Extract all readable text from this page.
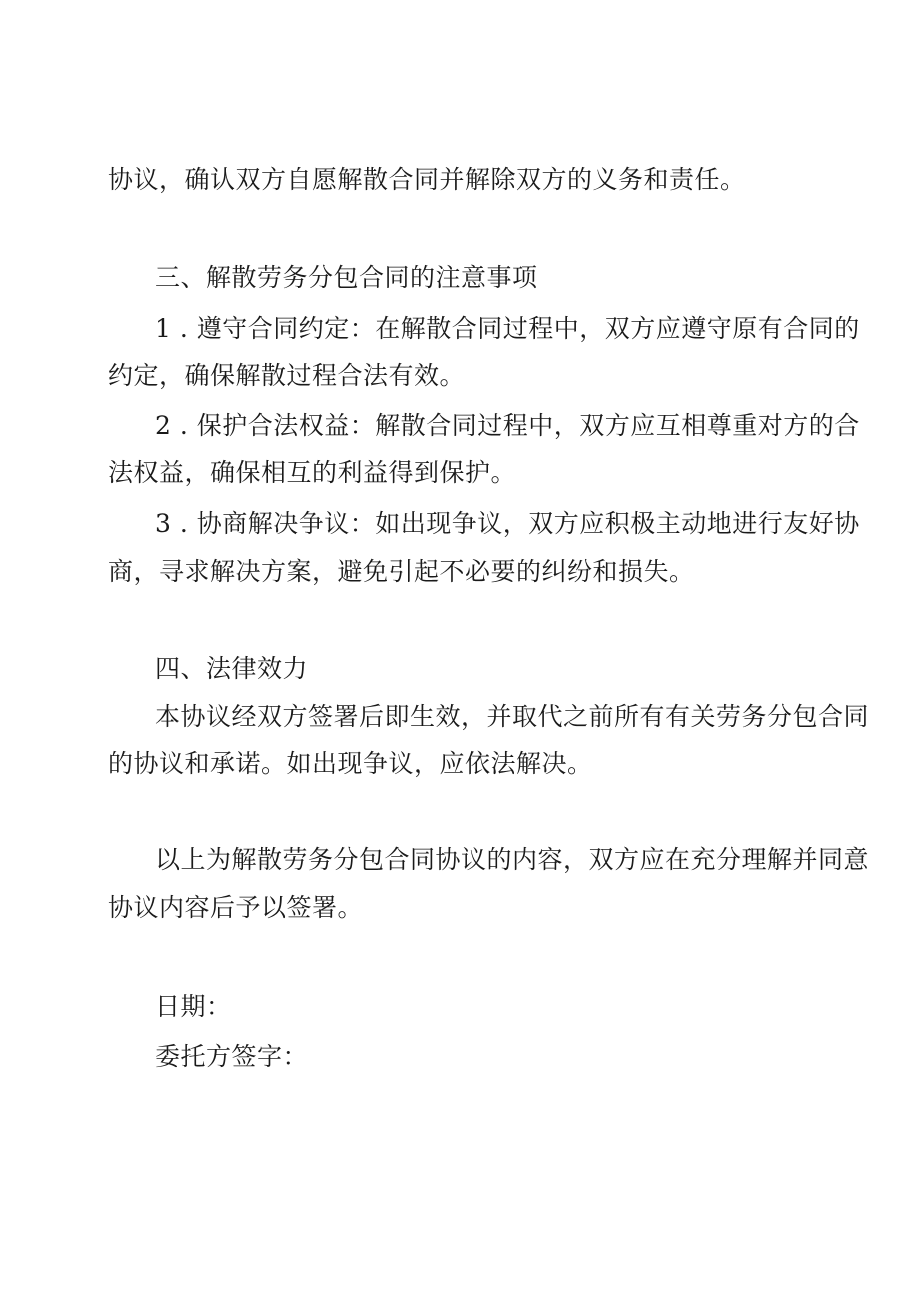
协议，确认双方自愿解散合同并解除双方的义务和责任。
三、解散劳务分包合同的注意事项
1 . 遵守合同约定：在解散合同过程中，双方应遵守原有合同的
约定，确保解散过程合法有效。
2 . 保护合法权益：解散合同过程中，双方应互相尊重对方的合
法权益，确保相互的利益得到保护。
3 . 协商解决争议：如出现争议，双方应积极主动地进行友好协
商，寻求解决方案，避免引起不必要的纠纷和损失。
四、法律效力
本协议经双方签署后即生效，并取代之前所有有关劳务分包合同
的协议和承诺。如出现争议，应依法解决。
以上为解散劳务分包合同协议的内容，双方应在充分理解并同意
协议内容后予以签署。
日期：
委托方签字：
